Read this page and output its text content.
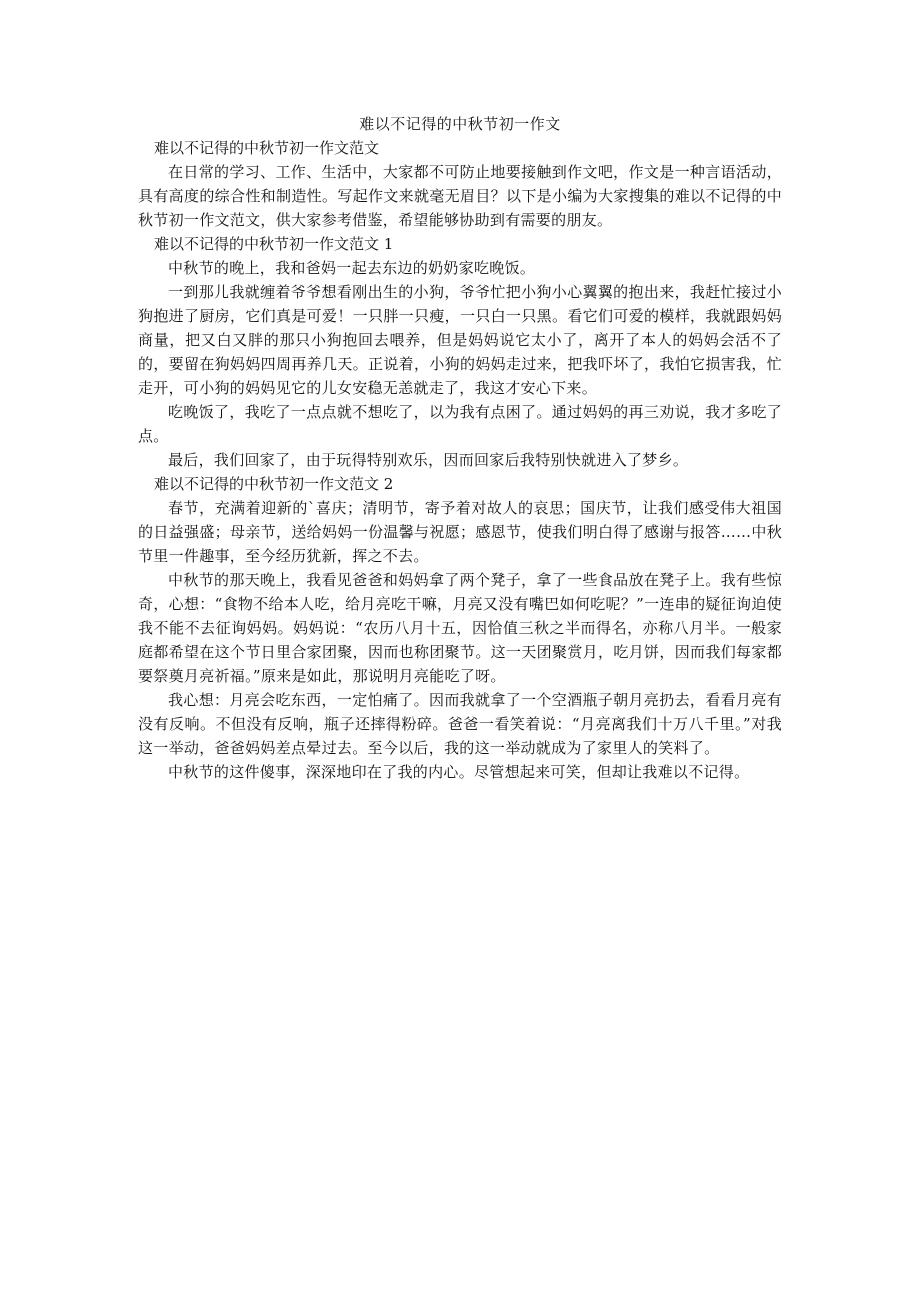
难以不记得的中秋节初一作文

难以不记得的中秋节初一作文范文

在日常的学习、工作、生活中，大家都不可防止地要接触到作文吧，作文是一种言语活动，具有高度的综合性和制造性。写起作文来就毫无眉目？以下是小编为大家搜集的难以不记得的中秋节初一作文范文，供大家参考借鉴，希望能够协助到有需要的朋友。

难以不记得的中秋节初一作文范文 1

中秋节的晚上，我和爸妈一起去东边的奶奶家吃晚饭。

一到那儿我就缠着爷爷想看刚出生的小狗，爷爷忙把小狗小心翼翼的抱出来，我赶忙接过小狗抱进了厨房，它们真是可爱！一只胖一只瘦，一只白一只黑。看它们可爱的模样，我就跟妈妈商量，把又白又胖的那只小狗抱回去喂养，但是妈妈说它太小了，离开了本人的妈妈会活不了的，要留在狗妈妈四周再养几天。正说着，小狗的妈妈走过来，把我吓坏了，我怕它损害我，忙走开，可小狗的妈妈见它的儿女安稳无恙就走了，我这才安心下来。

吃晚饭了，我吃了一点点就不想吃了，以为我有点困了。通过妈妈的再三劝说，我才多吃了点。

最后，我们回家了，由于玩得特别欢乐，因而回家后我特别快就进入了梦乡。

难以不记得的中秋节初一作文范文 2

春节，充满着迎新的`喜庆；清明节，寄予着对故人的哀思；国庆节，让我们感受伟大祖国的日益强盛；母亲节，送给妈妈一份温馨与祝愿；感恩节，使我们明白得了感谢与报答……中秋节里一件趣事，至今经历犹新，挥之不去。

中秋节的那天晚上，我看见爸爸和妈妈拿了两个凳子，拿了一些食品放在凳子上。我有些惊奇，心想：“食物不给本人吃，给月亮吃干嘛，月亮又没有嘴巴如何吃呢？”一连串的疑征询迫使我不能不去征询妈妈。妈妈说：“农历八月十五，因恰值三秋之半而得名，亦称八月半。一般家庭都希望在这个节日里合家团聚，因而也称团聚节。这一天团聚赏月，吃月饼，因而我们每家都要祭奠月亮祈福。”原来是如此，那说明月亮能吃了呀。

我心想：月亮会吃东西，一定怕痛了。因而我就拿了一个空酒瓶子朝月亮扔去，看看月亮有没有反响。不但没有反响，瓶子还摔得粉碎。爸爸一看笑着说：“月亮离我们十万八千里。”对我这一举动，爸爸妈妈差点晕过去。至今以后，我的这一举动就成为了家里人的笑料了。

中秋节的这件傻事，深深地印在了我的内心。尽管想起来可笑，但却让我难以不记得。
